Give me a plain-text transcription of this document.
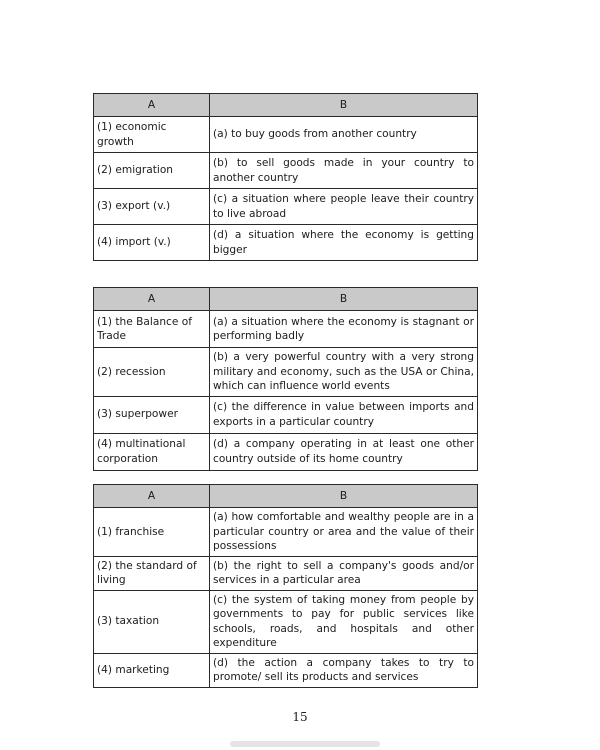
A	B
(1) economic growth	(a) to buy goods from another country
(2) emigration	(b) to sell goods made in your country to another country
(3) export (v.)	(c) a situation where people leave their country to live abroad
(4) import (v.)	(d) a situation where the economy is getting bigger
A	B
(1) the Balance of Trade	(a) a situation where the economy is stagnant or performing badly
(2) recession	(b) a very powerful country with a very strong military and economy, such as the USA or China, which can influence world events
(3) superpower	(c) the difference in value between imports and exports in a particular country
(4) multinational corporation	(d) a company operating in at least one other country outside of its home country
A	B
(1) franchise	(a) how comfortable and wealthy people are in a particular country or area and the value of their possessions
(2) the standard of living	(b) the right to sell a company's goods and/or services in a particular area
(3) taxation	(c) the system of taking money from people by governments to pay for public services like schools, roads, and hospitals and other expenditure
(4) marketing	(d) the action a company takes to try to promote/ sell its products and services
15
